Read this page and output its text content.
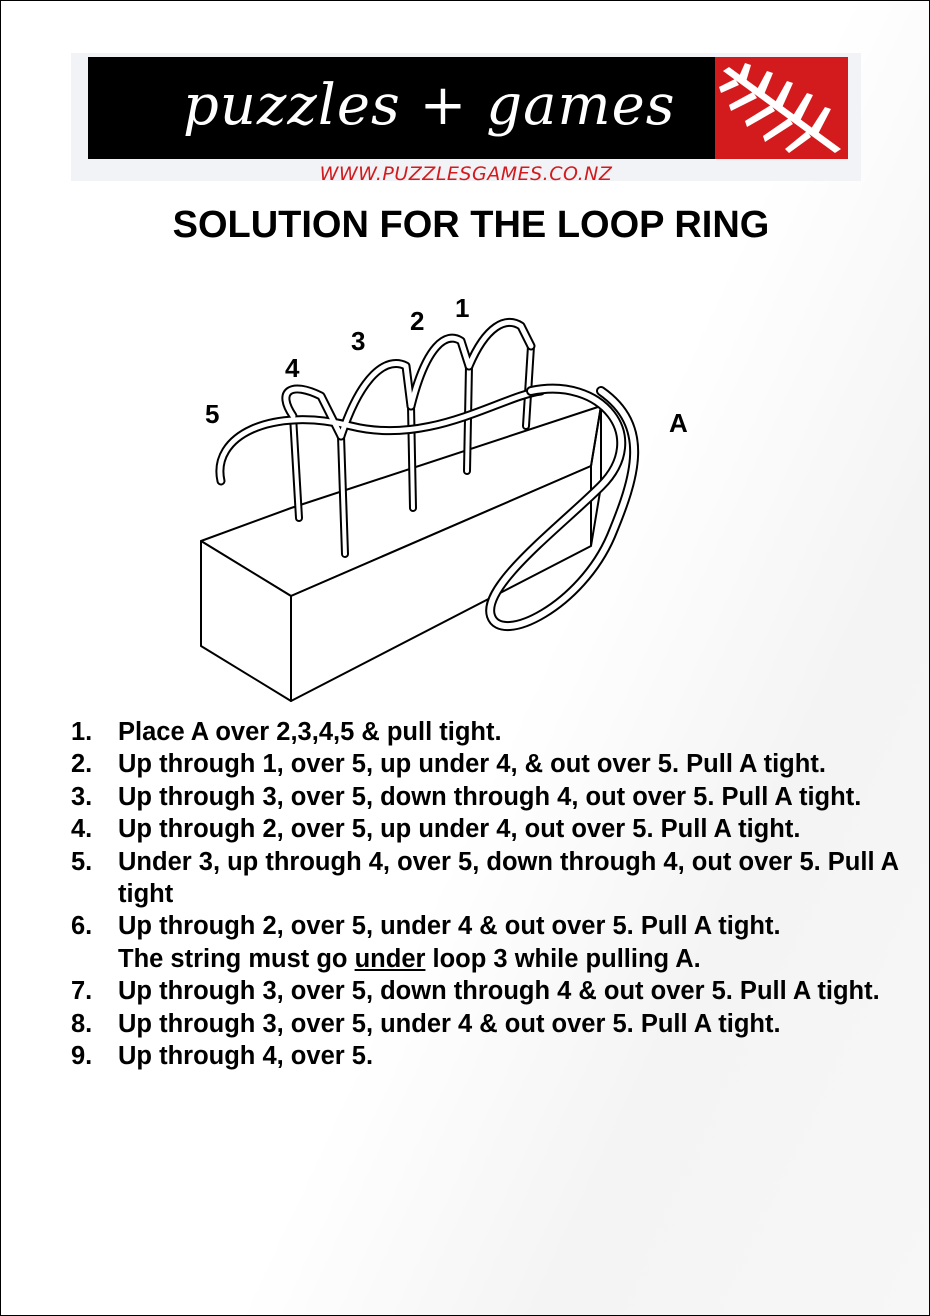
puzzles + games
WWW.PUZZLESGAMES.CO.NZ
SOLUTION FOR THE LOOP RING
1
2
3
4
5	A
1. Place A over 2,3,4,5 & pull tight.
2. Up through 1, over 5, up under 4, & out over 5. Pull A tight.
3. Up through 3, over 5, down through 4, out over 5. Pull A tight.
4. Up through 2, over 5, up under 4, out over 5. Pull A tight.
5. Under 3, up through 4, over 5, down through 4, out over 5. Pull A tight
6. Up through 2, over 5, under 4 & out over 5. Pull A tight.
The string must go under loop 3 while pulling A.
7. Up through 3, over 5, down through 4 & out over 5. Pull A tight.
8. Up through 3, over 5, under 4 & out over 5. Pull A tight.
9. Up through 4, over 5.
